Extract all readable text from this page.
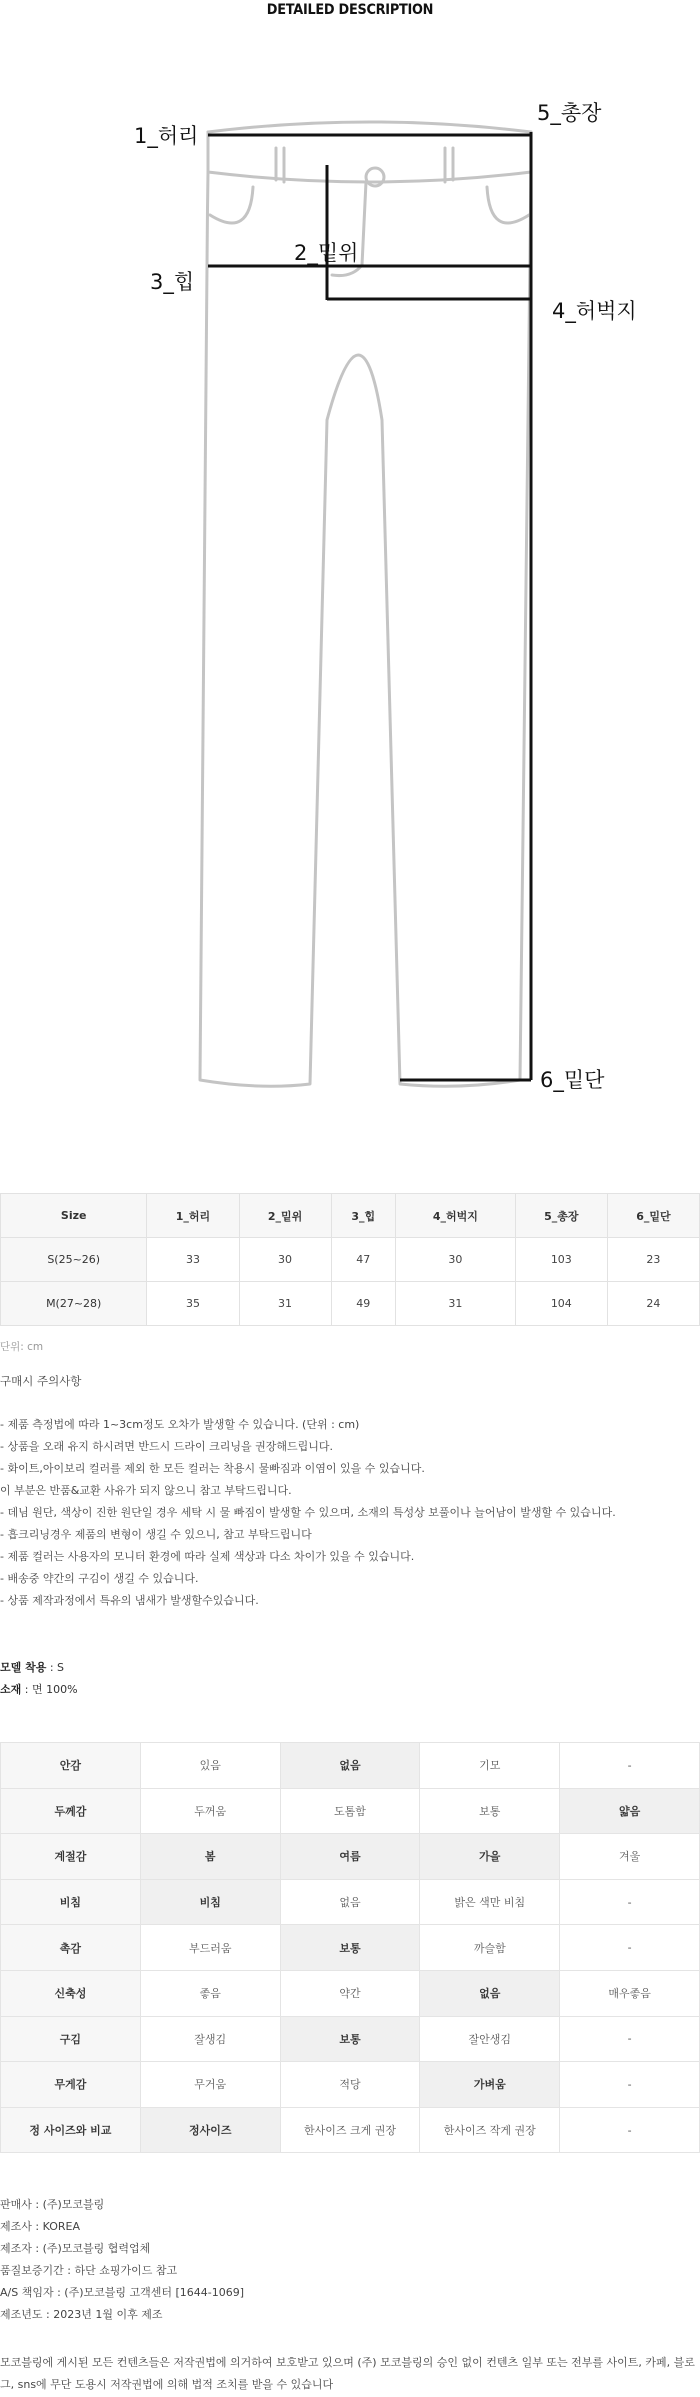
DETAILED DESCRIPTION
1_허리
5_총장
2_밑위
3_힙
4_허벅지
6_밑단
Size	1_허리	2_밑위	3_힙	4_허벅지	5_총장	6_밑단
S(25~26)	33	30	47	30	103	23
M(27~28)	35	31	49	31	104	24
단위: cm
구매시 주의사항
- 제품 측정법에 따라 1~3cm정도 오차가 발생할 수 있습니다. (단위 : cm)
- 상품을 오래 유지 하시려면 반드시 드라이 크리닝을 권장해드립니다.
- 화이트,아이보리 컬러를 제외 한 모든 컬러는 착용시 물빠짐과 이염이 있을 수 있습니다.
이 부분은 반품&교환 사유가 되지 않으니 참고 부탁드립니다.
- 데님 원단, 색상이 진한 원단일 경우 세탁 시 물 빠짐이 발생할 수 있으며, 소재의 특성상 보풀이나 늘어남이 발생할 수 있습니다.
- 흡크리닝경우 제품의 변형이 생길 수 있으니, 참고 부탁드립니다
- 제품 컬러는 사용자의 모니터 환경에 따라 실제 색상과 다소 차이가 있을 수 있습니다.
- 배송중 약간의 구김이 생길 수 있습니다.
- 상품 제작과정에서 특유의 냄새가 발생할수있습니다.
모델 착용 : S
소재 : 면 100%
안감	있음	없음	기모	-
두께감	두꺼움	도톰함	보통	얇음
계절감	봄	여름	가을	겨울
비침	비침	없음	밝은 색만 비침	-
촉감	부드러움	보통	까슬함	-
신축성	좋음	약간	없음	매우좋음
구김	잘생김	보통	잘안생김	-
무게감	무거움	적당	가벼움	-
정 사이즈와 비교	정사이즈	한사이즈 크게 권장	한사이즈 작게 권장	-
판매사 : (주)모코블링
제조사 : KOREA
제조자 : (주)모코블링 협력업체
품질보증기간 : 하단 쇼핑가이드 참고
A/S 책임자 : (주)모코블링 고객센터 [1644-1069]
제조년도 : 2023년 1월 이후 제조
모코블링에 게시된 모든 컨텐츠들은 저작권법에 의거하여 보호받고 있으며 (주) 모코블링의 승인 없이 컨텐츠 일부 또는 전부를 사이트, 카페, 블로그, sns에 무단 도용시 저작권법에 의해 법적 조치를 받을 수 있습니다
